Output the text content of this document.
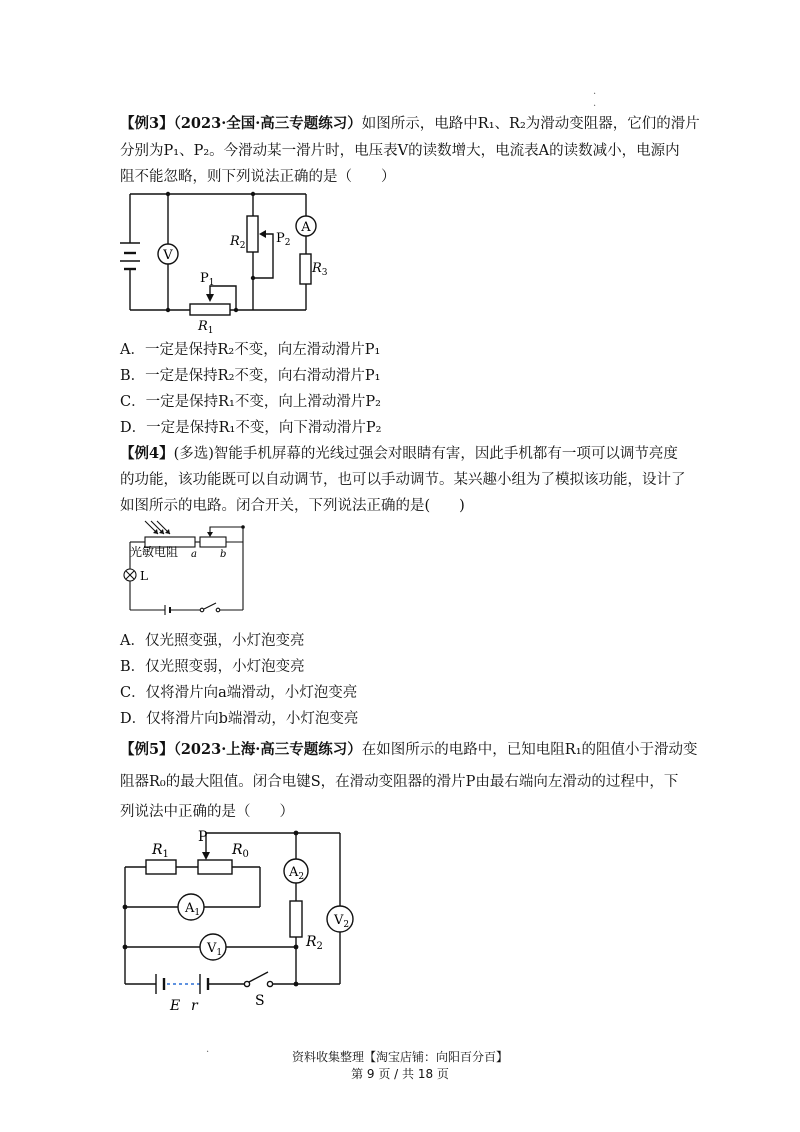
.
.
【例3】（2023·全国·高三专题练习）如图所示，电路中R₁、R₂为滑动变阻器，它们的滑片
分别为P₁、P₂。今滑动某一滑片时，电压表V的读数增大，电流表A的读数减小，电源内
阻不能忽略，则下列说法正确的是（　　）
V
A
$R_2$ $P_2$
$R_3$
$P_1$
$R_1$
A．一定是保持R₂不变，向左滑动滑片P₁
B．一定是保持R₂不变，向右滑动滑片P₁
C．一定是保持R₁不变，向上滑动滑片P₂
D．一定是保持R₁不变，向下滑动滑片P₂
【例4】(多选)智能手机屏幕的光线过强会对眼睛有害，因此手机都有一项可以调节亮度
的功能，该功能既可以自动调节，也可以手动调节。某兴趣小组为了模拟该功能，设计了
如图所示的电路。闭合开关，下列说法正确的是(　　)
光敏电阻 a b
L
A．仅光照变强，小灯泡变亮
B．仅光照变弱，小灯泡变亮
C．仅将滑片向a端滑动，小灯泡变亮
D．仅将滑片向b端滑动，小灯泡变亮
【例5】（2023·上海·高三专题练习）在如图所示的电路中，已知电阻R₁的阻值小于滑动变
阻器R₀的最大阻值。闭合电键S，在滑动变阻器的滑片P由最右端向左滑动的过程中，下
列说法中正确的是（　　）
P
$R_1$	$R_0$
$A_1$
$A_2$
$V_1$
$V_2$
$R_2$
E r	S
.
资料收集整理【淘宝店铺：向阳百分百】
第 9 页 / 共 18 页
